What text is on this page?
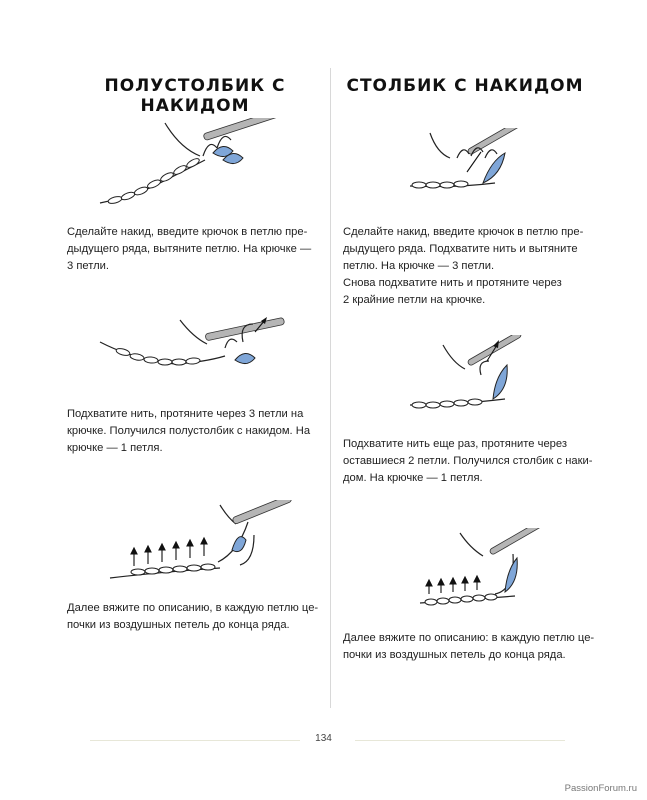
ПОЛУСТОЛБИК С НАКИДОМ
СТОЛБИК С НАКИДОМ
Сделайте накид, введите крючок в петлю пре-
дыдущего ряда, вытяните петлю. На крючке —
3 петли.
Подхватите нить, протяните через 3 петли на
крючке. Получился полустолбик с накидом. На
крючке — 1 петля.
Далее вяжите по описанию, в каждую петлю це-
почки из воздушных петель до конца ряда.
Сделайте накид, введите крючок в петлю пре-
дыдущего ряда. Подхватите нить и вытяните
петлю. На крючке — 3 петли.
Снова подхватите нить и протяните через
2 крайние петли на крючке.
Подхватите нить еще раз, протяните через
оставшиеся 2 петли. Получился столбик с наки-
дом. На крючке — 1 петля.
Далее вяжите по описанию: в каждую петлю це-
почки из воздушных петель до конца ряда.
134
PassionForum.ru
